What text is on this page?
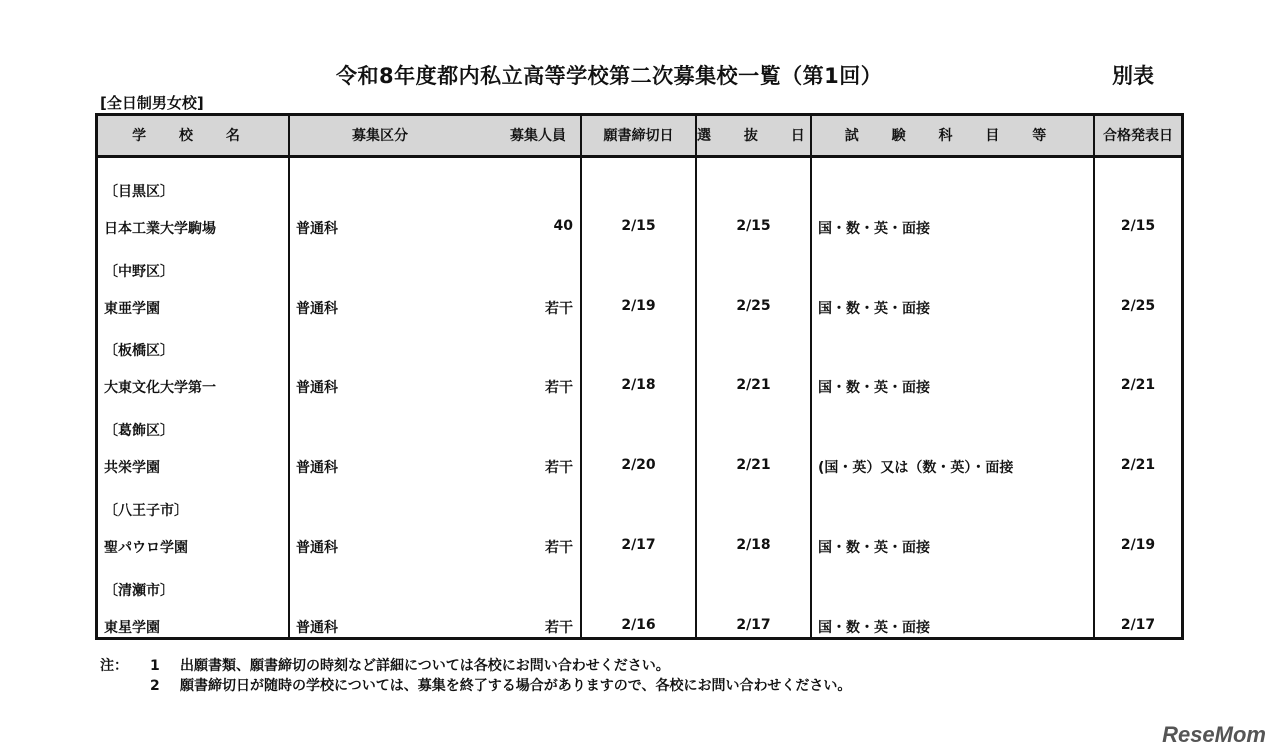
令和8年度都内私立高等学校第二次募集校一覧（第1回）	別表
[全日制男女校]
学 校 名	募集区分 募集人員	願書締切日	選 抜 日	試 験 科 目 等	合格発表日

〔目黒区〕
日本工業大学駒場	普通科 40	2/15	2/15	国・数・英・面接	2/15

〔中野区〕
東亜学園	普通科 若干	2/19	2/25	国・数・英・面接	2/25

〔板橋区〕
大東文化大学第一	普通科 若干	2/18	2/21	国・数・英・面接	2/21

〔葛飾区〕
共栄学園	普通科 若干	2/20	2/21	(国・英）又は（数・英）・面接	2/21

〔八王子市〕
聖パウロ学園	普通科 若干	2/17	2/18	国・数・英・面接	2/19

〔清瀬市〕
東星学園	普通科 若干	2/16	2/17	国・数・英・面接	2/17
注：	1	出願書類、願書締切の時刻など詳細については各校にお問い合わせください。
2	願書締切日が随時の学校については、募集を終了する場合がありますので、各校にお問い合わせください。
ReseMom
